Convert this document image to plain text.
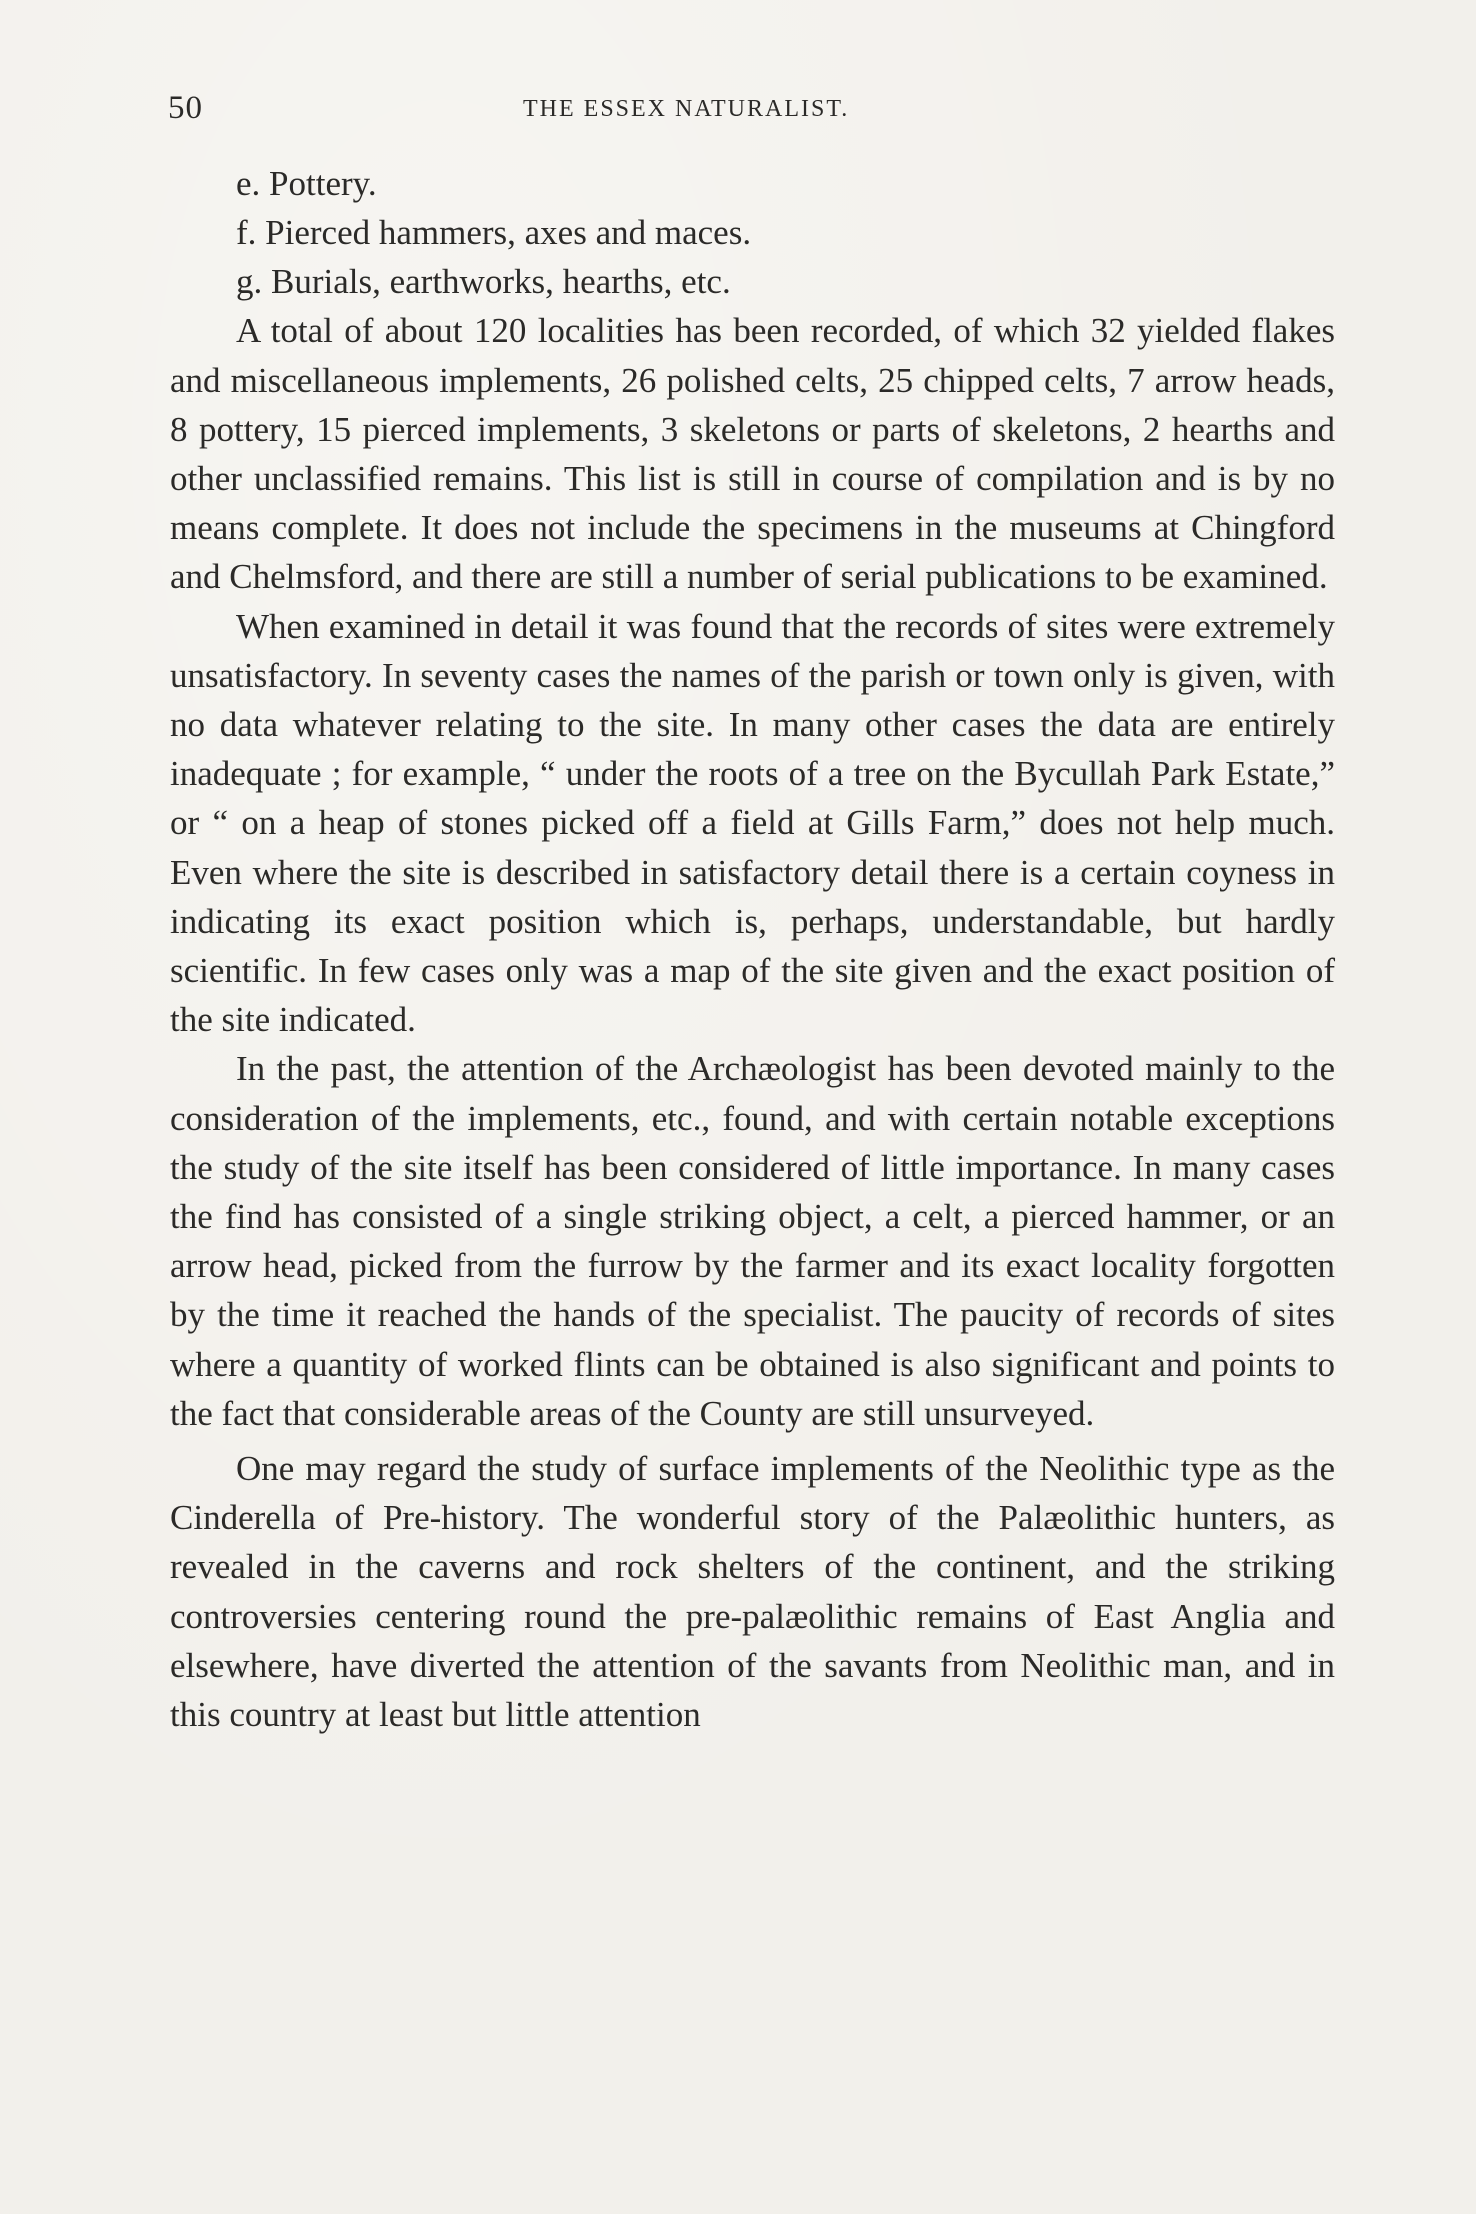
50	THE ESSEX NATURALIST.
e. Pottery.
f. Pierced hammers, axes and maces.
g. Burials, earthworks, hearths, etc.

A total of about 120 localities has been recorded, of which 32 yielded flakes and miscellaneous implements, 26 polished celts, 25 chipped celts, 7 arrow heads, 8 pottery, 15 pierced implements, 3 skeletons or parts of skeletons, 2 hearths and other unclassified remains. This list is still in course of compilation and is by no means complete. It does not include the specimens in the museums at Chingford and Chelmsford, and there are still a number of serial publications to be examined.

When examined in detail it was found that the records of sites were extremely unsatisfactory. In seventy cases the names of the parish or town only is given, with no data whatever relating to the site. In many other cases the data are entirely inadequate ; for example, “ under the roots of a tree on the Bycullah Park Estate,” or “ on a heap of stones picked off a field at Gills Farm,” does not help much. Even where the site is described in satisfactory detail there is a certain coyness in indicating its exact position which is, perhaps, understandable, but hardly scientific. In few cases only was a map of the site given and the exact position of the site indicated.

In the past, the attention of the Archæologist has been devoted mainly to the consideration of the implements, etc., found, and with certain notable exceptions the study of the site itself has been considered of little importance. In many cases the find has consisted of a single striking object, a celt, a pierced hammer, or an arrow head, picked from the furrow by the farmer and its exact locality forgotten by the time it reached the hands of the specialist. The paucity of records of sites where a quantity of worked flints can be obtained is also significant and points to the fact that considerable areas of the County are still unsurveyed.

One may regard the study of surface implements of the Neolithic type as the Cinderella of Pre-history. The wonderful story of the Palæolithic hunters, as revealed in the caverns and rock shelters of the continent, and the striking controversies centering round the pre-palæolithic remains of East Anglia and elsewhere, have diverted the attention of the savants from Neolithic man, and in this country at least but little attention
